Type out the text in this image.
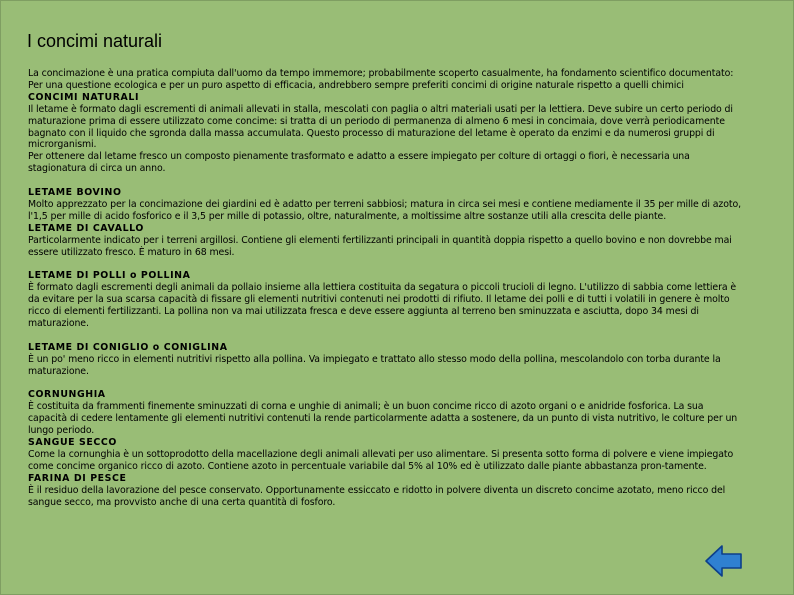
I concimi naturali

La concimazione è una pratica compiuta dall'uomo da tempo immemore; probabilmente scoperto casualmente, ha fondamento scientifico documentato: Per una questione ecologica e per un puro aspetto di efficacia, andrebbero sempre preferiti concimi di origine naturale rispetto a quelli chimici
CONCIMI NATURALI
Il letame è formato dagli escrementi di animali allevati in stalla, mescolati con paglia o altri materiali usati per la lettiera. Deve subire un certo periodo di maturazione prima di essere utilizzato come concime: si tratta di un periodo di permanenza di almeno 6 mesi in concimaia, dove verrà periodicamente bagnato con il liquido che sgronda dalla massa accumulata. Questo processo di maturazione del letame è operato da enzimi e da numerosi gruppi di microrganismi.
Per ottenere dal letame fresco un composto pienamente trasformato e adatto a essere impiegato per colture di ortaggi o fiori, è necessaria una stagionatura di circa un anno.

LETAME BOVINO
Molto apprezzato per la concimazione dei giardini ed è adatto per terreni sabbiosi; matura in circa sei mesi e contiene mediamente il 35 per mille di azoto, l'1,5 per mille di acido fosforico e il 3,5 per mille di potassio, oltre, naturalmente, a moltissime altre sostanze utili alla crescita delle piante.
LETAME DI CAVALLO
Particolarmente indicato per i terreni argillosi. Contiene gli elementi fertilizzanti principali in quantità doppia rispetto a quello bovino e non dovrebbe mai essere utilizzato fresco. È maturo in 68 mesi.

LETAME DI POLLI o POLLINA
È formato dagli escrementi degli animali da pollaio insieme alla lettiera costituita da segatura o piccoli trucioli di legno. L'utilizzo di sabbia come lettiera è da evitare per la sua scarsa capacità di fissare gli elementi nutritivi contenuti nei prodotti di rifiuto. Il letame dei polli e di tutti i volatili in genere è molto ricco di elementi fertilizzanti. La pollina non va mai utilizzata fresca e deve essere aggiunta al terreno ben sminuzzata e asciutta, dopo 34 mesi di maturazione.

LETAME DI CONIGLIO o CONIGLINA
È un po' meno ricco in elementi nutritivi rispetto alla pollina. Va impiegato e trattato allo stesso modo della pollina, mescolandolo con torba durante la maturazione.

CORNUNGHIA
È costituita da frammenti finemente sminuzzati di corna e unghie di animali; è un buon concime ricco di azoto organi o e anidride fosforica. La sua capacità di cedere lentamente gli elementi nutritivi contenuti la rende particolarmente adatta a sostenere, da un punto di vista nutritivo, le colture per un lungo periodo.
SANGUE SECCO
Come la cornunghia è un sottoprodotto della macellazione degli animali allevati per uso alimentare. Si presenta sotto forma di polvere e viene impiegato come concime organico ricco di azoto. Contiene azoto in percentuale variabile dal 5% al 10% ed è utilizzato dalle piante abbastanza pron-tamente.
FARINA DI PESCE
È il residuo della lavorazione del pesce conservato. Opportunamente essiccato e ridotto in polvere diventa un discreto concime azotato, meno ricco del sangue secco, ma provvisto anche di una certa quantità di fosforo.
